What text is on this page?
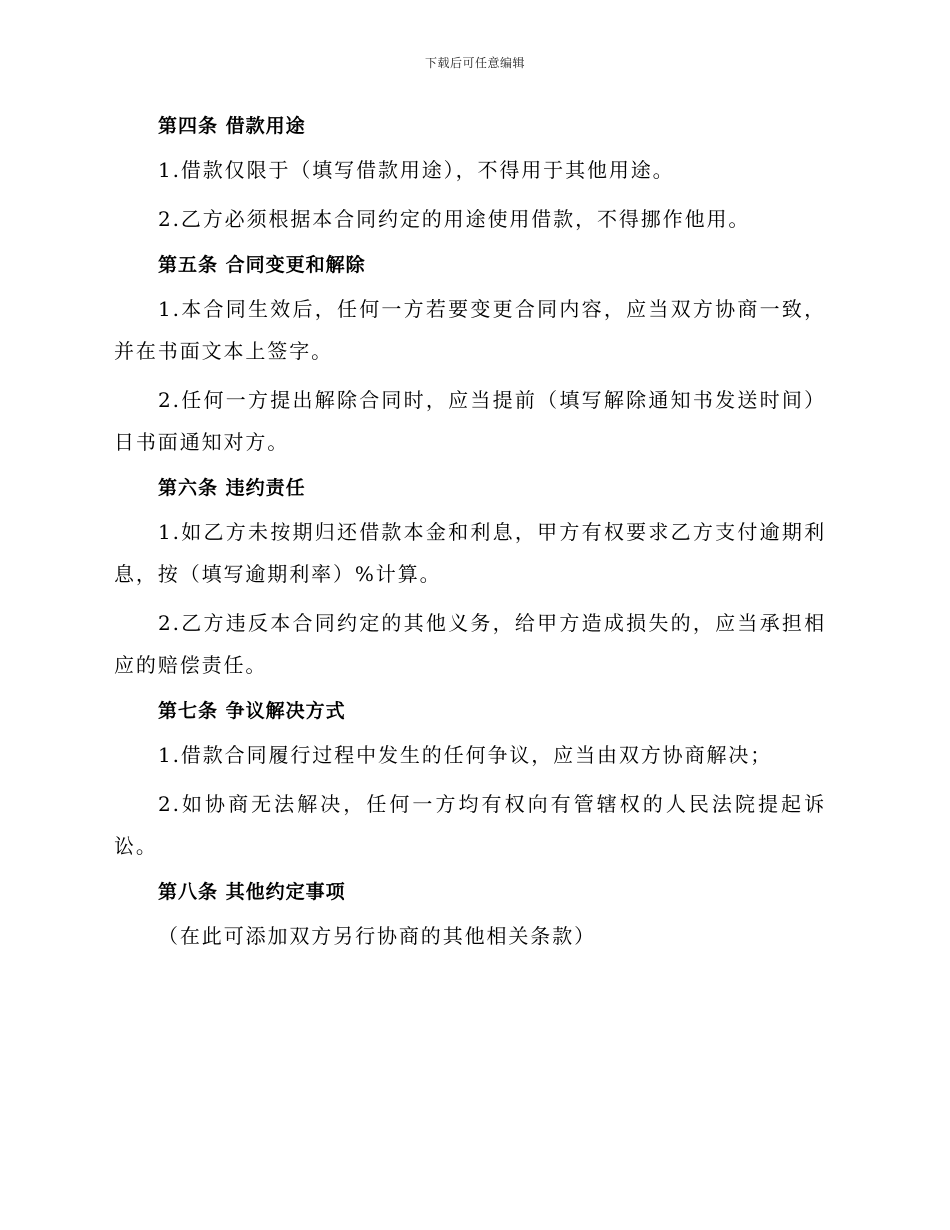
下载后可任意编辑
第四条 借款用途

1.借款仅限于（填写借款用途），不得用于其他用途。

2.乙方必须根据本合同约定的用途使用借款，不得挪作他用。

第五条 合同变更和解除

1.本合同生效后，任何一方若要变更合同内容，应当双方协商一致，并在书面文本上签字。

2.任何一方提出解除合同时，应当提前（填写解除通知书发送时间）日书面通知对方。

第六条 违约责任

1.如乙方未按期归还借款本金和利息，甲方有权要求乙方支付逾期利息，按（填写逾期利率）%计算。

2.乙方违反本合同约定的其他义务，给甲方造成损失的，应当承担相应的赔偿责任。

第七条 争议解决方式

1.借款合同履行过程中发生的任何争议，应当由双方协商解决；

2.如协商无法解决，任何一方均有权向有管辖权的人民法院提起诉讼。

第八条 其他约定事项

（在此可添加双方另行协商的其他相关条款）
